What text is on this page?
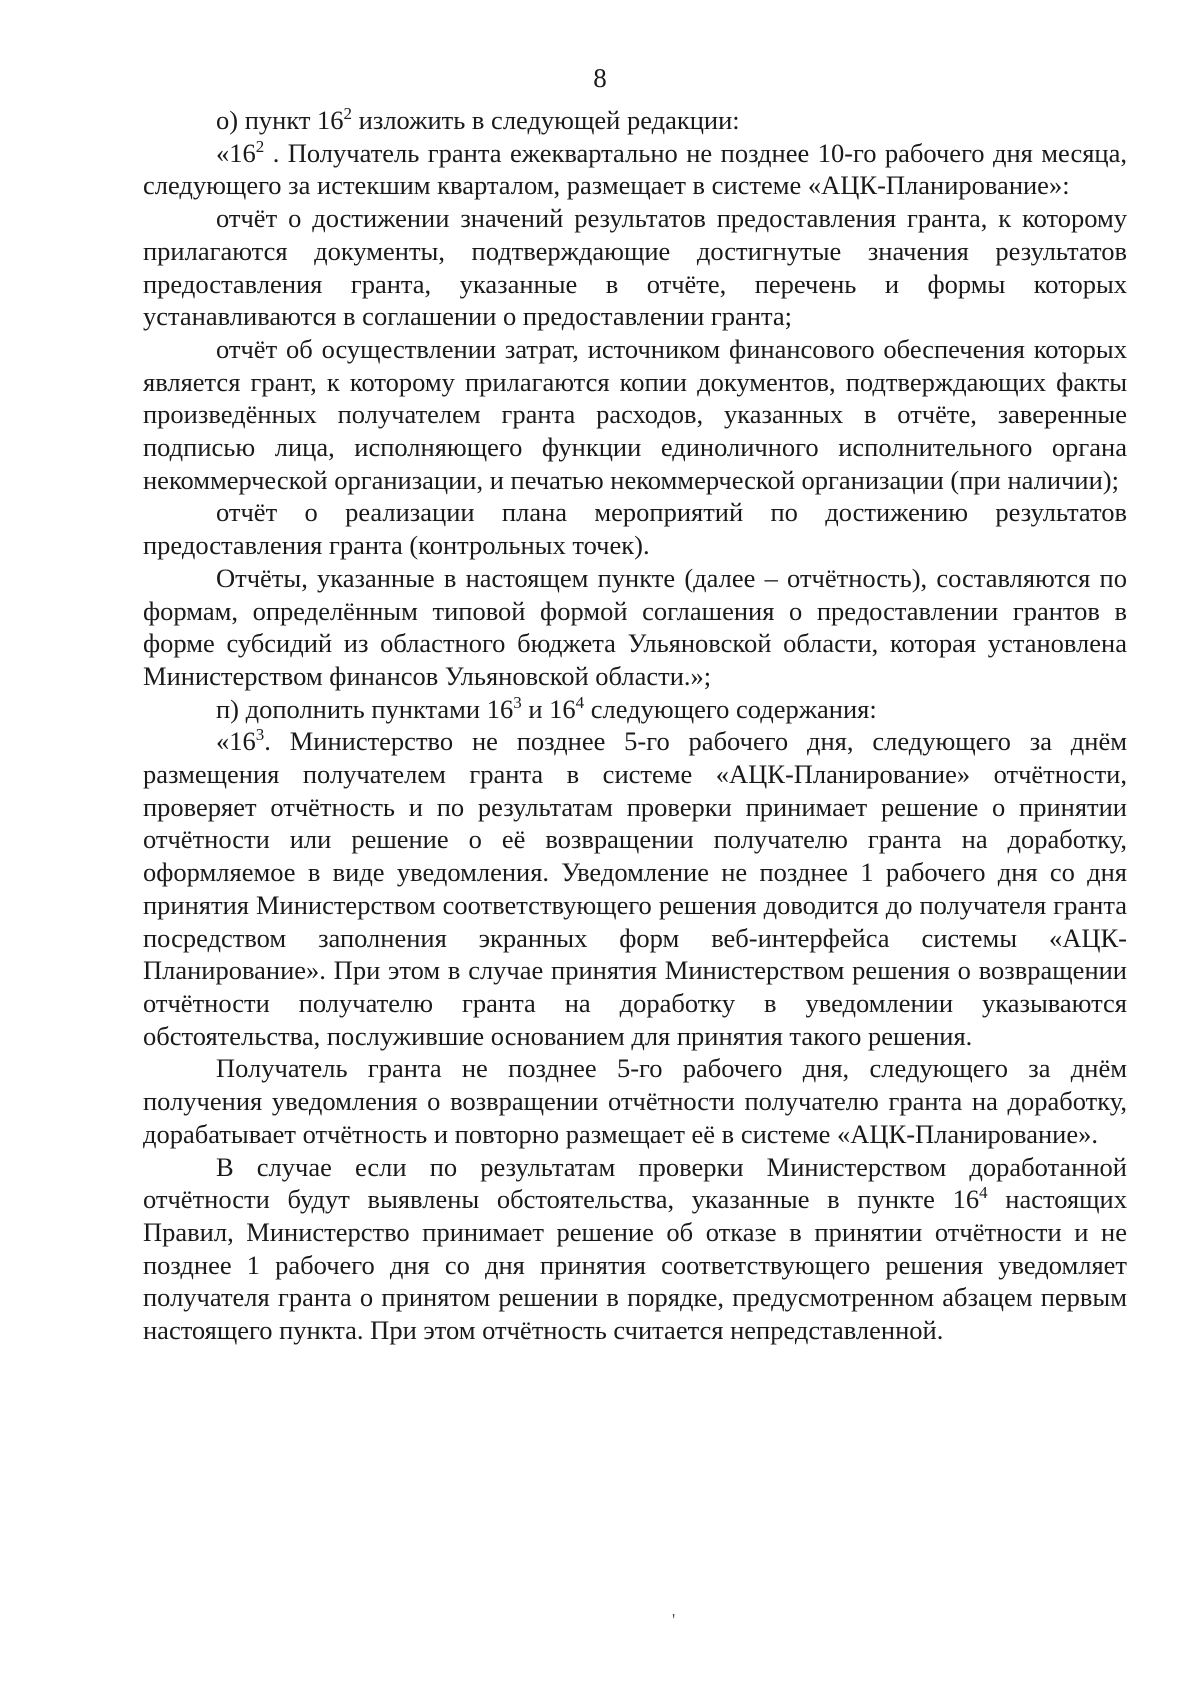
8

о) пункт $16^2$ изложить в следующей редакции:

«$16^2$ . Получатель гранта ежеквартально не позднее 10-го рабочего дня месяца, следующего за истекшим кварталом, размещает в системе «АЦК-Планирование»:

отчёт о достижении значений результатов предоставления гранта, к которому прилагаются документы, подтверждающие достигнутые значения результатов предоставления гранта, указанные в отчёте, перечень и формы которых устанавливаются в соглашении о предоставлении гранта;

отчёт об осуществлении затрат, источником финансового обеспечения которых является грант, к которому прилагаются копии документов, подтверждающих факты произведённых получателем гранта расходов, указанных в отчёте, заверенные подписью лица, исполняющего функции единоличного исполнительного органа некоммерческой организации, и печатью некоммерческой организации (при наличии);

отчёт о реализации плана мероприятий по достижению результатов предоставления гранта (контрольных точек).

Отчёты, указанные в настоящем пункте (далее – отчётность), составляются по формам, определённым типовой формой соглашения о предоставлении грантов в форме субсидий из областного бюджета Ульяновской области, которая установлена Министерством финансов Ульяновской области.»;

п) дополнить пунктами $16^3$ и $16^4$ следующего содержания:

«$16^3$. Министерство не позднее 5-го рабочего дня, следующего за днём размещения получателем гранта в системе «АЦК-Планирование» отчётности, проверяет отчётность и по результатам проверки принимает решение о принятии отчётности или решение о её возвращении получателю гранта на доработку, оформляемое в виде уведомления. Уведомление не позднее 1 рабочего дня со дня принятия Министерством соответствующего решения доводится до получателя гранта посредством заполнения экранных форм веб-интерфейса системы «АЦК-Планирование». При этом в случае принятия Министерством решения о возвращении отчётности получателю гранта на доработку в уведомлении указываются обстоятельства, послужившие основанием для принятия такого решения.

Получатель гранта не позднее 5-го рабочего дня, следующего за днём получения уведомления о возвращении отчётности получателю гранта на доработку, дорабатывает отчётность и повторно размещает её в системе «АЦК-Планирование».

В случае если по результатам проверки Министерством доработанной отчётности будут выявлены обстоятельства, указанные в пункте $16^4$ настоящих Правил, Министерство принимает решение об отказе в принятии отчётности и не позднее 1 рабочего дня со дня принятия соответствующего решения уведомляет получателя гранта о принятом решении в порядке, предусмотренном абзацем первым настоящего пункта. При этом отчётность считается непредставленной.

'
